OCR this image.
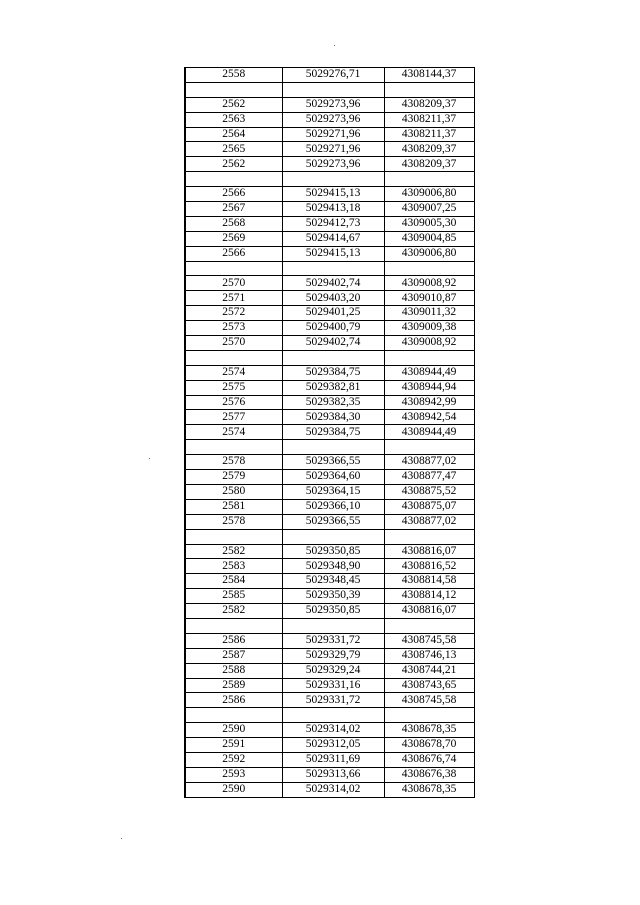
2558	5029276,71	4308144,37

2562	5029273,96	4308209,37
2563	5029273,96	4308211,37
2564	5029271,96	4308211,37
2565	5029271,96	4308209,37
2562	5029273,96	4308209,37

2566	5029415,13	4309006,80
2567	5029413,18	4309007,25
2568	5029412,73	4309005,30
2569	5029414,67	4309004,85
2566	5029415,13	4309006,80

2570	5029402,74	4309008,92
2571	5029403,20	4309010,87
2572	5029401,25	4309011,32
2573	5029400,79	4309009,38
2570	5029402,74	4309008,92

2574	5029384,75	4308944,49
2575	5029382,81	4308944,94
2576	5029382,35	4308942,99
2577	5029384,30	4308942,54
2574	5029384,75	4308944,49

2578	5029366,55	4308877,02
2579	5029364,60	4308877,47
2580	5029364,15	4308875,52
2581	5029366,10	4308875,07
2578	5029366,55	4308877,02

2582	5029350,85	4308816,07
2583	5029348,90	4308816,52
2584	5029348,45	4308814,58
2585	5029350,39	4308814,12
2582	5029350,85	4308816,07

2586	5029331,72	4308745,58
2587	5029329,79	4308746,13
2588	5029329,24	4308744,21
2589	5029331,16	4308743,65
2586	5029331,72	4308745,58

2590	5029314,02	4308678,35
2591	5029312,05	4308678,70
2592	5029311,69	4308676,74
2593	5029313,66	4308676,38
2590	5029314,02	4308678,35
